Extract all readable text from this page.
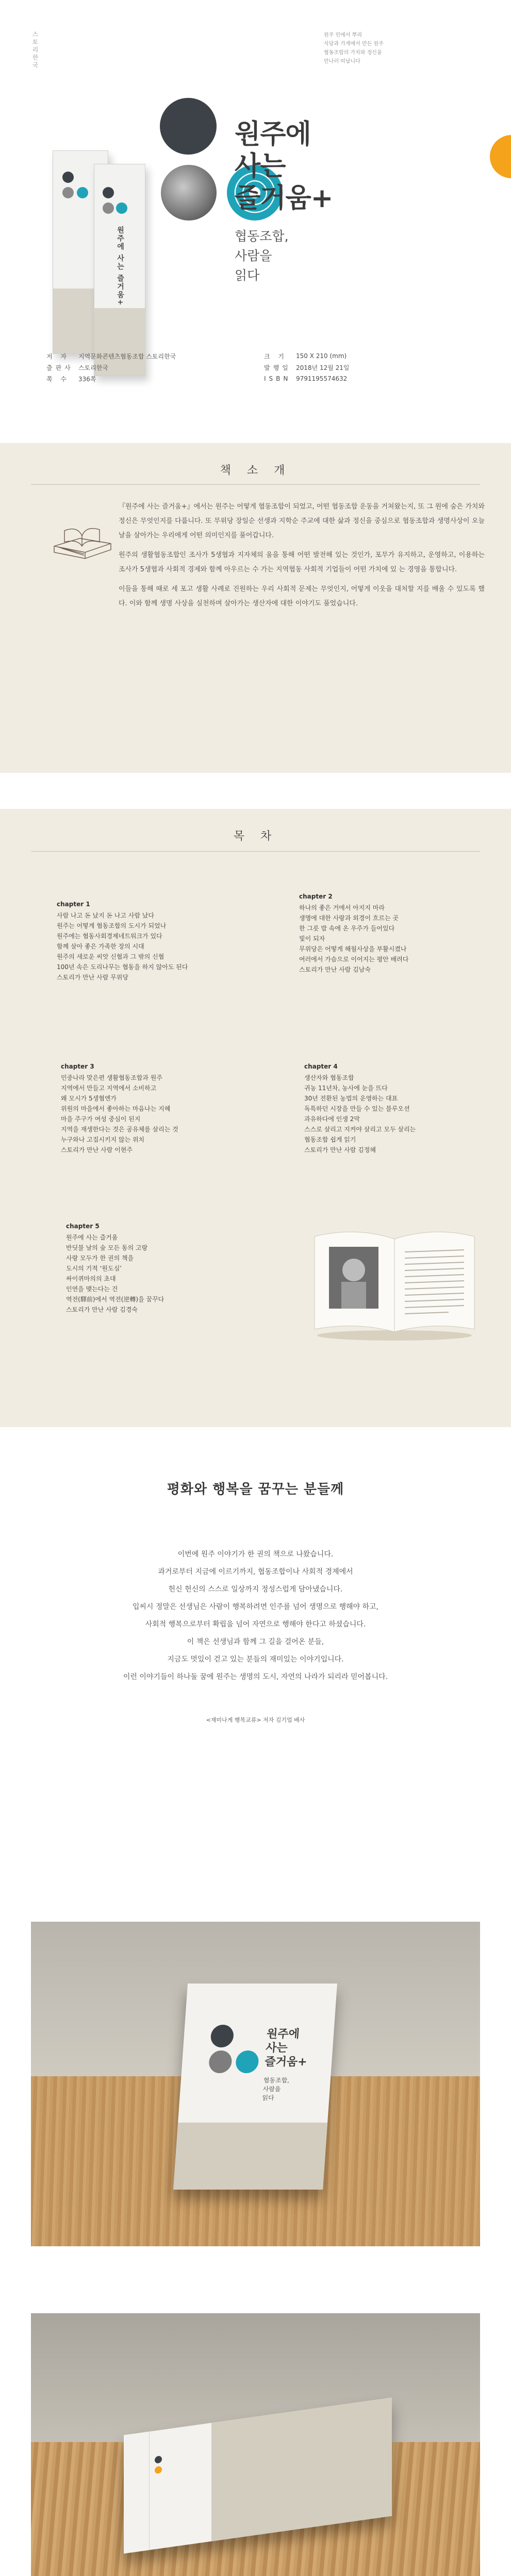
스토리한국	원주 민에서 뿌리
식당과 가게에서 만든 원주
협동조합의 가치와 정신을
만나러 떠납니다
원주에
사는
즐거움+
협동조합,
사람을
읽다
원주에 사는 즐거움+
저 자	지역문화콘텐츠협동조합 스토리한국	크 기	150 X 210 (mm)
출판사 스토리한국	발행일 2018년 12월 21일
쪽 수	336쪽	ISBN 9791195574632
책 소 개

『원주에 사는 즐거움+』에서는 원주는 어떻게 협동조합이 되었고, 어떤 협동조합 운동을 거쳐왔는지, 또 그 원에 숨은 가치와 정신은 무엇인지를 다룹니다. 또 무위당 장일순 선생과 지학순 주교에 대한 삶과 정신을 중심으로 협동조합과 생명사상이 오늘날을 살아가는 우리에게 어떤 의미인지를 풀어갑니다.

원주의 생활협동조합인 조사가 5생협과 지자체의 움을 통해 어떤 발전해 있는 것인가, 포무가 유지하고, 운영하고, 이용하는 조사가 5생협과 사회적 경제와 함께 아우르는 수 가는 지역협동 사회적 기업들이 어떤 가치에 있 는 경영을 통합니다.

이들을 통해 때로 세 포고 생활 사례로 진원하는 우리 사회적 문제는 무엇인지, 어떻게 이웃을 대처할 지를 배울 수 있도록 했다. 이와 함께 생명 사상을 실천하며 살아가는 생산자에 대한 이야기도 풀었습니다.

목 차
chapter 1
사람 나고 돈 났지 돈 나고 사람 났다
원주는 어떻게 협동조합의 도시가 되었나
원주에는 협동사회경제네트워크가 있다
함께 살아 좋은 가족한 장의 시대
원주의 새로운 씨앗 신협과 그 밖의 신협
100년 속은 도리나무는 협동을 하지 않아도 된다
스토리가 만난 사람 무위당
chapter 2
하나의 좋은 거에서 아지지 마라
생명에 대한 사랑과 외경이 흐르는 곳
한 그릇 밥 속에 온 우주가 들어있다
빛이 되자
무위당은 어떻게 해월사상을 부활시켰나
여러에서 가슴으로 이어지는 평안 배려다
스토리가 만난 사람 김남숙
chapter 3
민중나라 맞은편 생활협동조합과 원주
지역에서 만들고 지역에서 소비하고
왜 모시가 5생협엔가
위원의 마을에서 좋아하는 마음나는 지혜
마을 주구가 여성 중심이 된지
지역을 재생한다는 것은 공유체를 살리는 것
누구와나 고집시키지 않는 위치
스토리가 만난 사람 이현주
chapter 4
생산자와 협동조합
귀농 11년차, 농사에 눈을 뜨다
30년 전환된 농법의 운영하는 대표
독특하던 시장을 만들 수 있는 블루오션
과유하다에 인생 2막
스스로 살리고 지켜야 살리고 모두 살리는
협동조합 쉽게 읽기
스토리가 만난 사람 김정혜
chapter 5
원주에 사는 즐거움
반딧불 날의 숲 모든 동의 고랑
사랑 모두가 한 권의 책을
도시의 기적 ‘원도심’
싸이퀴마의의 초대
인연을 맺는다는 건
역전(驛前)에서 역전(逆轉)을 꿈꾸다
스토리가 만난 사람 김경숙
평화와 행복을 꿈꾸는 분들께
이번에 원주 이야기가 한 권의 책으로 나왔습니다.
과거로부터 지금에 이르기까지, 협동조합이나 사회적 경제에서
헌신 헌신의 스스로 일상까지 정성스럽게 담아냈습니다.
입씨시 정말은 선생님은 사람이 행복하려면 인주를 넘어 생명으로 행해야 하고,
사회적 행복으로부터 확립을 넘어 자연으로 행해야 한다고 하셨습니다.
이 책은 선생님과 함께 그 길을 걸어온 분들,
지금도 멋있이 걷고 있는 분들의 재미있는 이야기입니다.
이런 이야기들이 하나둘 꿈에 원주는 생명의 도시, 자연의 나라가 되리라 믿어봅니다.
<재미나게 행복교류> 저자 김기업 배사
원주에
사는
즐거움+
협동조합,
사람을
읽다
